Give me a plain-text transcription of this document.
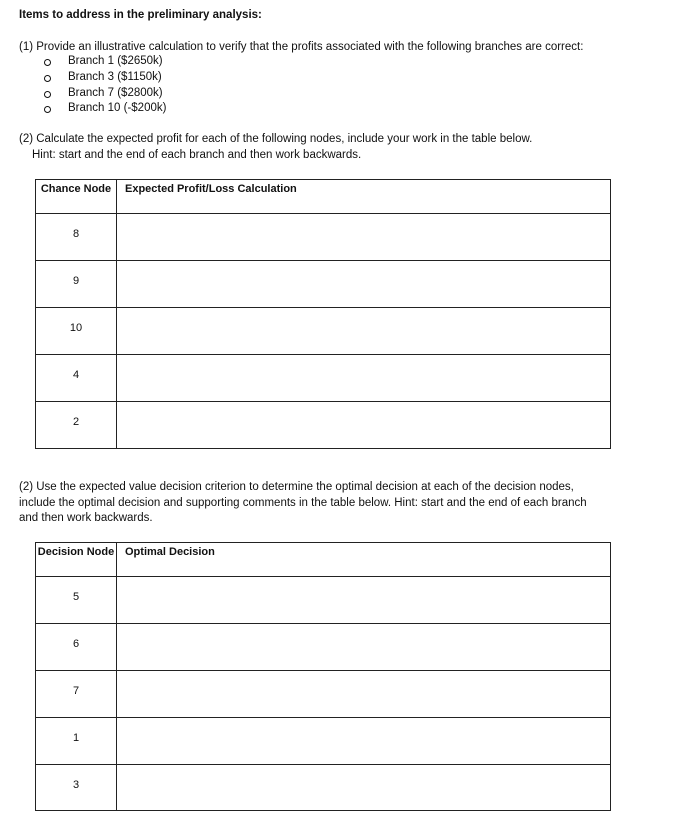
Items to address in the preliminary analysis:
(1) Provide an illustrative calculation to verify that the profits associated with the following branches are correct:
Branch 1 ($2650k)
Branch 3 ($1150k)
Branch 7 ($2800k)
Branch 10 (-$200k)
(2) Calculate the expected profit for each of the following nodes, include your work in the table below.
Hint: start and the end of each branch and then work backwards.
Chance Node	Expected Profit/Loss Calculation
8	
9	
10	
4	
2	
(2) Use the expected value decision criterion to determine the optimal decision at each of the decision nodes,
include the optimal decision and supporting comments in the table below. Hint: start and the end of each branch
and then work backwards.
Decision Node	Optimal Decision
5	
6	
7	
1	
3	
